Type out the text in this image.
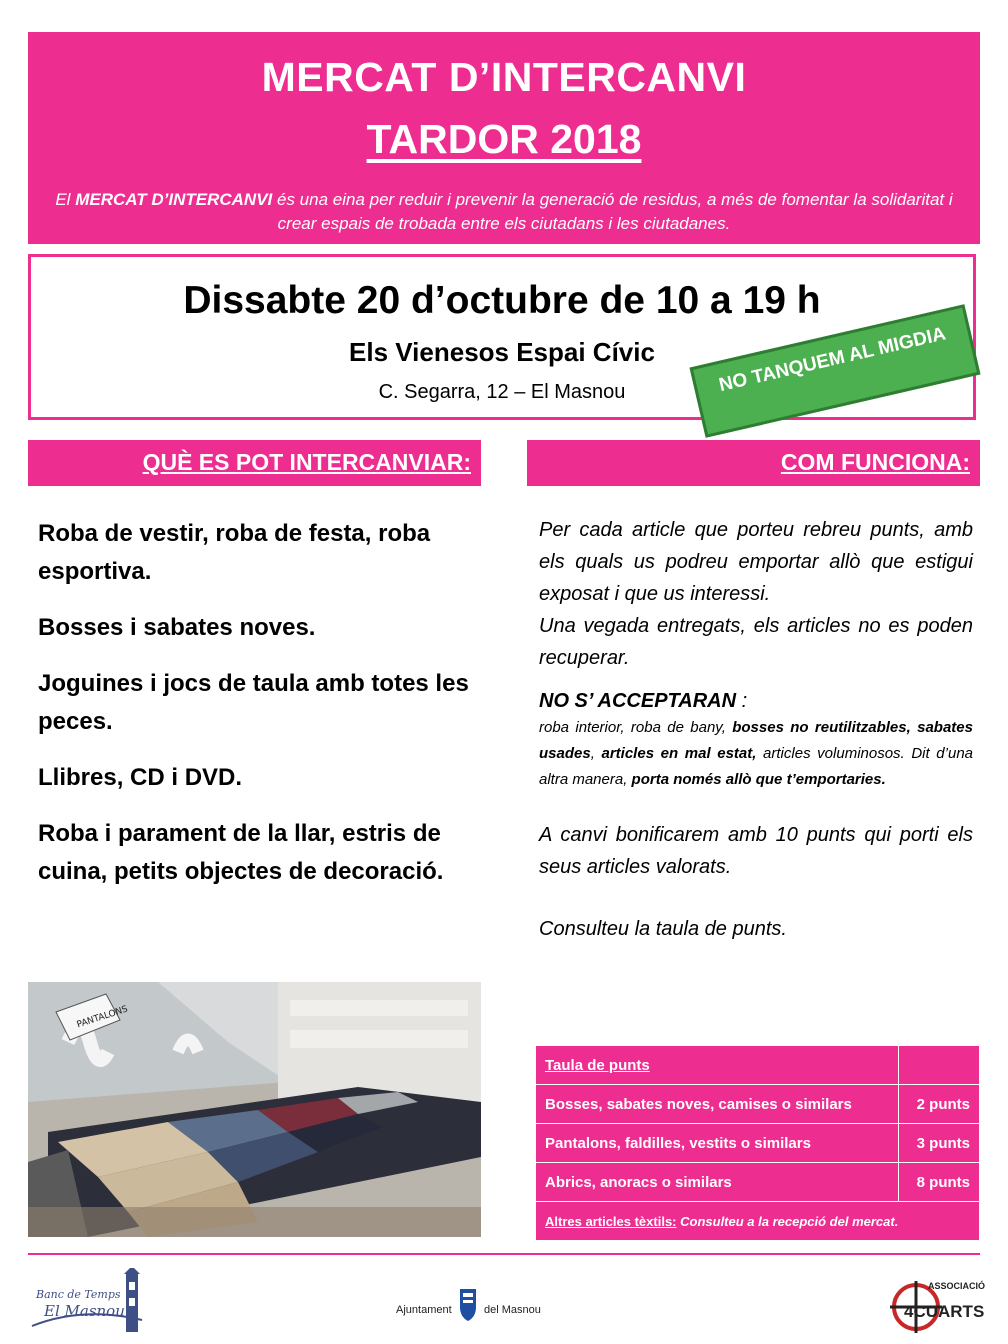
MERCAT D’INTERCANVI
TARDOR 2018
El MERCAT D’INTERCANVI és una eina per reduir i prevenir la generació de residus, a més de fomentar la solidaritat i crear espais de trobada entre els ciutadans i les ciutadanes.
Dissabte 20 d’octubre de 10 a 19 h
Els Vienesos Espai Cívic
C. Segarra, 12 – El Masnou	NO TANQUEM AL MIGDIA
QUÈ ES POT INTERCANVIAR:	COM FUNCIONA:
Roba de vestir, roba de festa, roba esportiva.
Bosses i sabates noves.
Joguines i jocs de taula amb totes les peces.
Llibres, CD i DVD.
Roba i parament de la llar, estris de cuina, petits objectes de decoració.

Per cada article que porteu rebreu punts, amb els quals us podreu emportar allò que estigui exposat i que us interessi.

Una vegada entregats, els articles no es poden recuperar.

NO S’ ACCEPTARAN :
roba interior, roba de bany, bosses no reutilitzables, sabates usades, articles en mal estat, articles voluminosos. Dit d’una altra manera, porta només allò que t’emportaries.

A canvi bonificarem amb 10 punts qui porti els seus articles valorats.

Consulteu la taula de punts.

PANTALONS
Taula de punts	
Bosses, sabates noves, camises o similars	2 punts
Pantalons, faldilles, vestits o similars	3 punts
Abrics, anoracs o similars	8 punts
Altres articles tèxtils: Consulteu a la recepció del mercat.	
Banc de Temps
El Masnou	Ajuntament	del Masnou
ASSOCIACIÓ
4CUARTS
